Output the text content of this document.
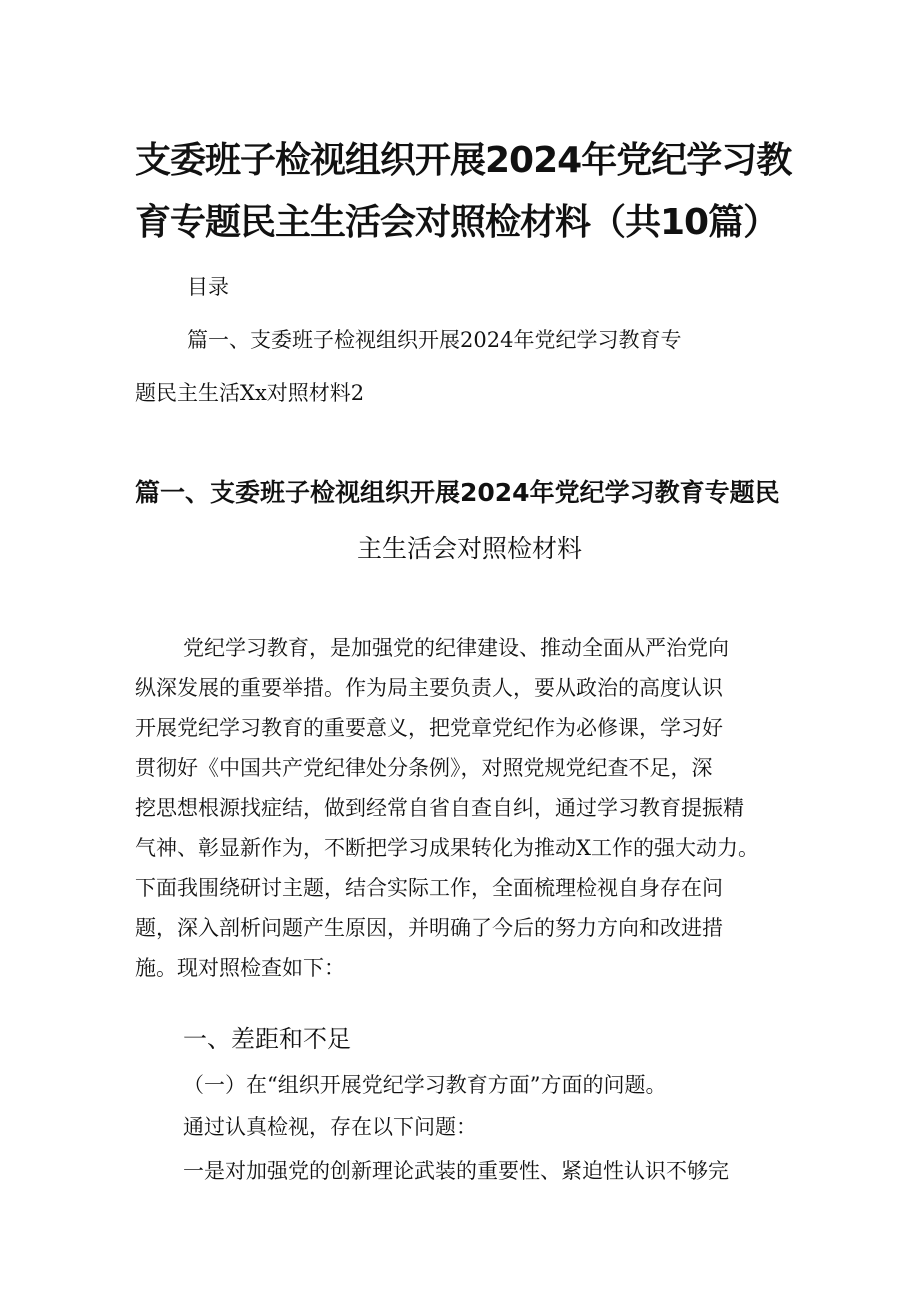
支委班子检视组织开展2024年党纪学习教
育专题民主生活会对照检材料（共10篇）
目录
篇一、支委班子检视组织开展2024年党纪学习教育专
题民主生活Xx对照材料2
篇一、支委班子检视组织开展2024年党纪学习教育专题民
主生活会对照检材料
党纪学习教育，是加强党的纪律建设、推动全面从严治党向
纵深发展的重要举措。作为局主要负责人，要从政治的高度认识
开展党纪学习教育的重要意义，把党章党纪作为必修课，学习好
贯彻好《中国共产党纪律处分条例》，对照党规党纪查不足，深
挖思想根源找症结，做到经常自省自查自纠，通过学习教育提振精
气神、彰显新作为，不断把学习成果转化为推动X工作的强大动力。
下面我围绕研讨主题，结合实际工作，全面梳理检视自身存在问
题，深入剖析问题产生原因，并明确了今后的努力方向和改进措
施。现对照检查如下：
一、差距和不足
（一）在“组织开展党纪学习教育方面”方面的问题。
通过认真检视，存在以下问题：
一是对加强党的创新理论武装的重要性、紧迫性认识不够完
